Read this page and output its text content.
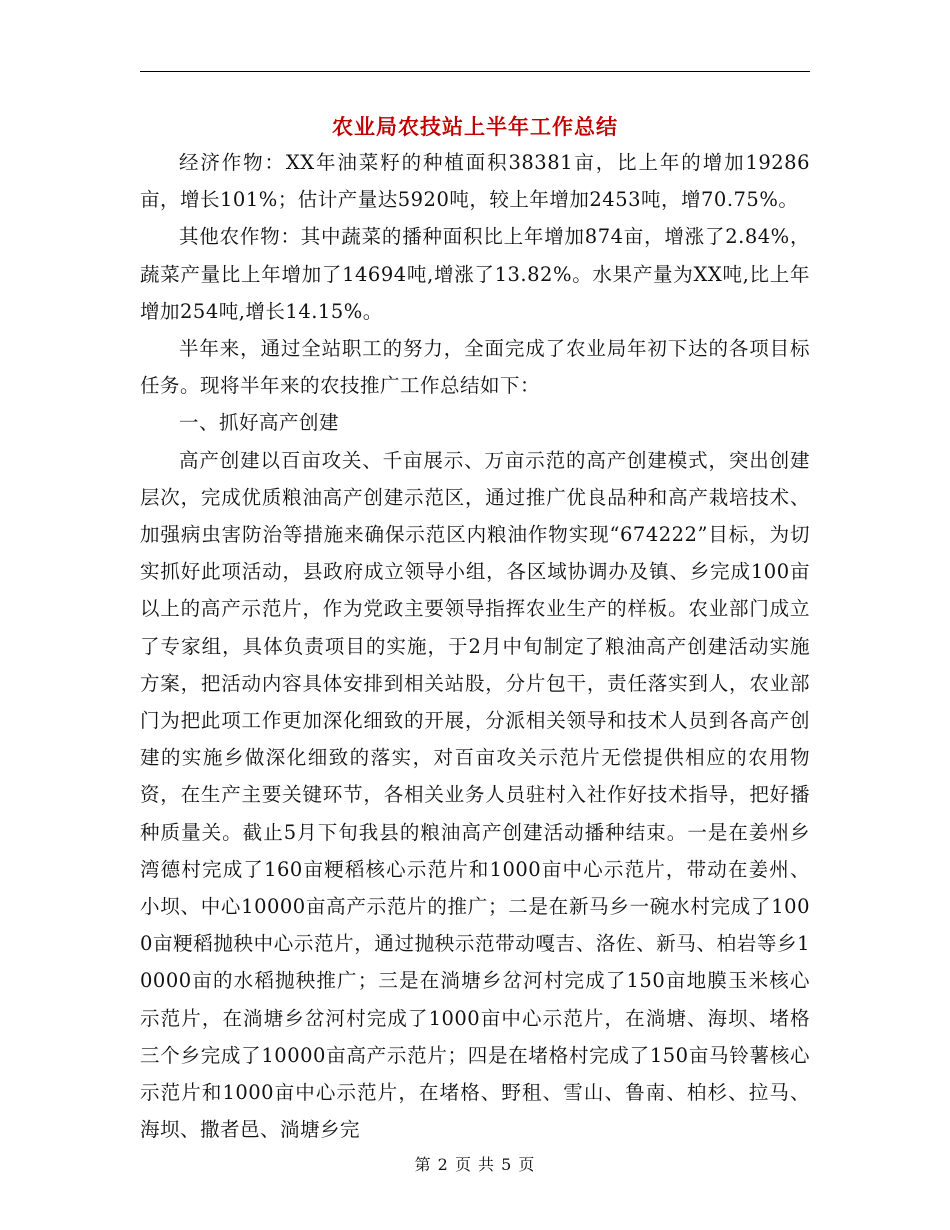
农业局农技站上半年工作总结

经济作物：XX年油菜籽的种植面积38381亩，比上年的增加19286亩，增长101%；估计产量达5920吨，较上年增加2453吨，增70.75%。

其他农作物：其中蔬菜的播种面积比上年增加874亩，增涨了2.84%，蔬菜产量比上年增加了14694吨,增涨了13.82%。水果产量为XX吨,比上年增加254吨,增长14.15%。

半年来，通过全站职工的努力，全面完成了农业局年初下达的各项目标任务。现将半年来的农技推广工作总结如下：

一、抓好高产创建

高产创建以百亩攻关、千亩展示、万亩示范的高产创建模式，突出创建层次，完成优质粮油高产创建示范区，通过推广优良品种和高产栽培技术、加强病虫害防治等措施来确保示范区内粮油作物实现“674222”目标，为切实抓好此项活动，县政府成立领导小组，各区域协调办及镇、乡完成100亩以上的高产示范片，作为党政主要领导指挥农业生产的样板。农业部门成立了专家组，具体负责项目的实施，于2月中旬制定了粮油高产创建活动实施方案，把活动内容具体安排到相关站股，分片包干，责任落实到人，农业部门为把此项工作更加深化细致的开展，分派相关领导和技术人员到各高产创建的实施乡做深化细致的落实，对百亩攻关示范片无偿提供相应的农用物资，在生产主要关键环节，各相关业务人员驻村入社作好技术指导，把好播种质量关。截止5月下旬我县的粮油高产创建活动播种结束。一是在姜州乡湾德村完成了160亩粳稻核心示范片和1000亩中心示范片，带动在姜州、小坝、中心10000亩高产示范片的推广；二是在新马乡一碗水村完成了1000亩粳稻抛秧中心示范片，通过抛秧示范带动嘎吉、洛佐、新马、柏岩等乡10000亩的水稻抛秧推广；三是在淌塘乡岔河村完成了150亩地膜玉米核心示范片，在淌塘乡岔河村完成了1000亩中心示范片，在淌塘、海坝、堵格三个乡完成了10000亩高产示范片；四是在堵格村完成了150亩马铃薯核心示范片和1000亩中心示范片，在堵格、野租、雪山、鲁南、柏杉、拉马、海坝、撒者邑、淌塘乡完

第 2 页 共 5 页
